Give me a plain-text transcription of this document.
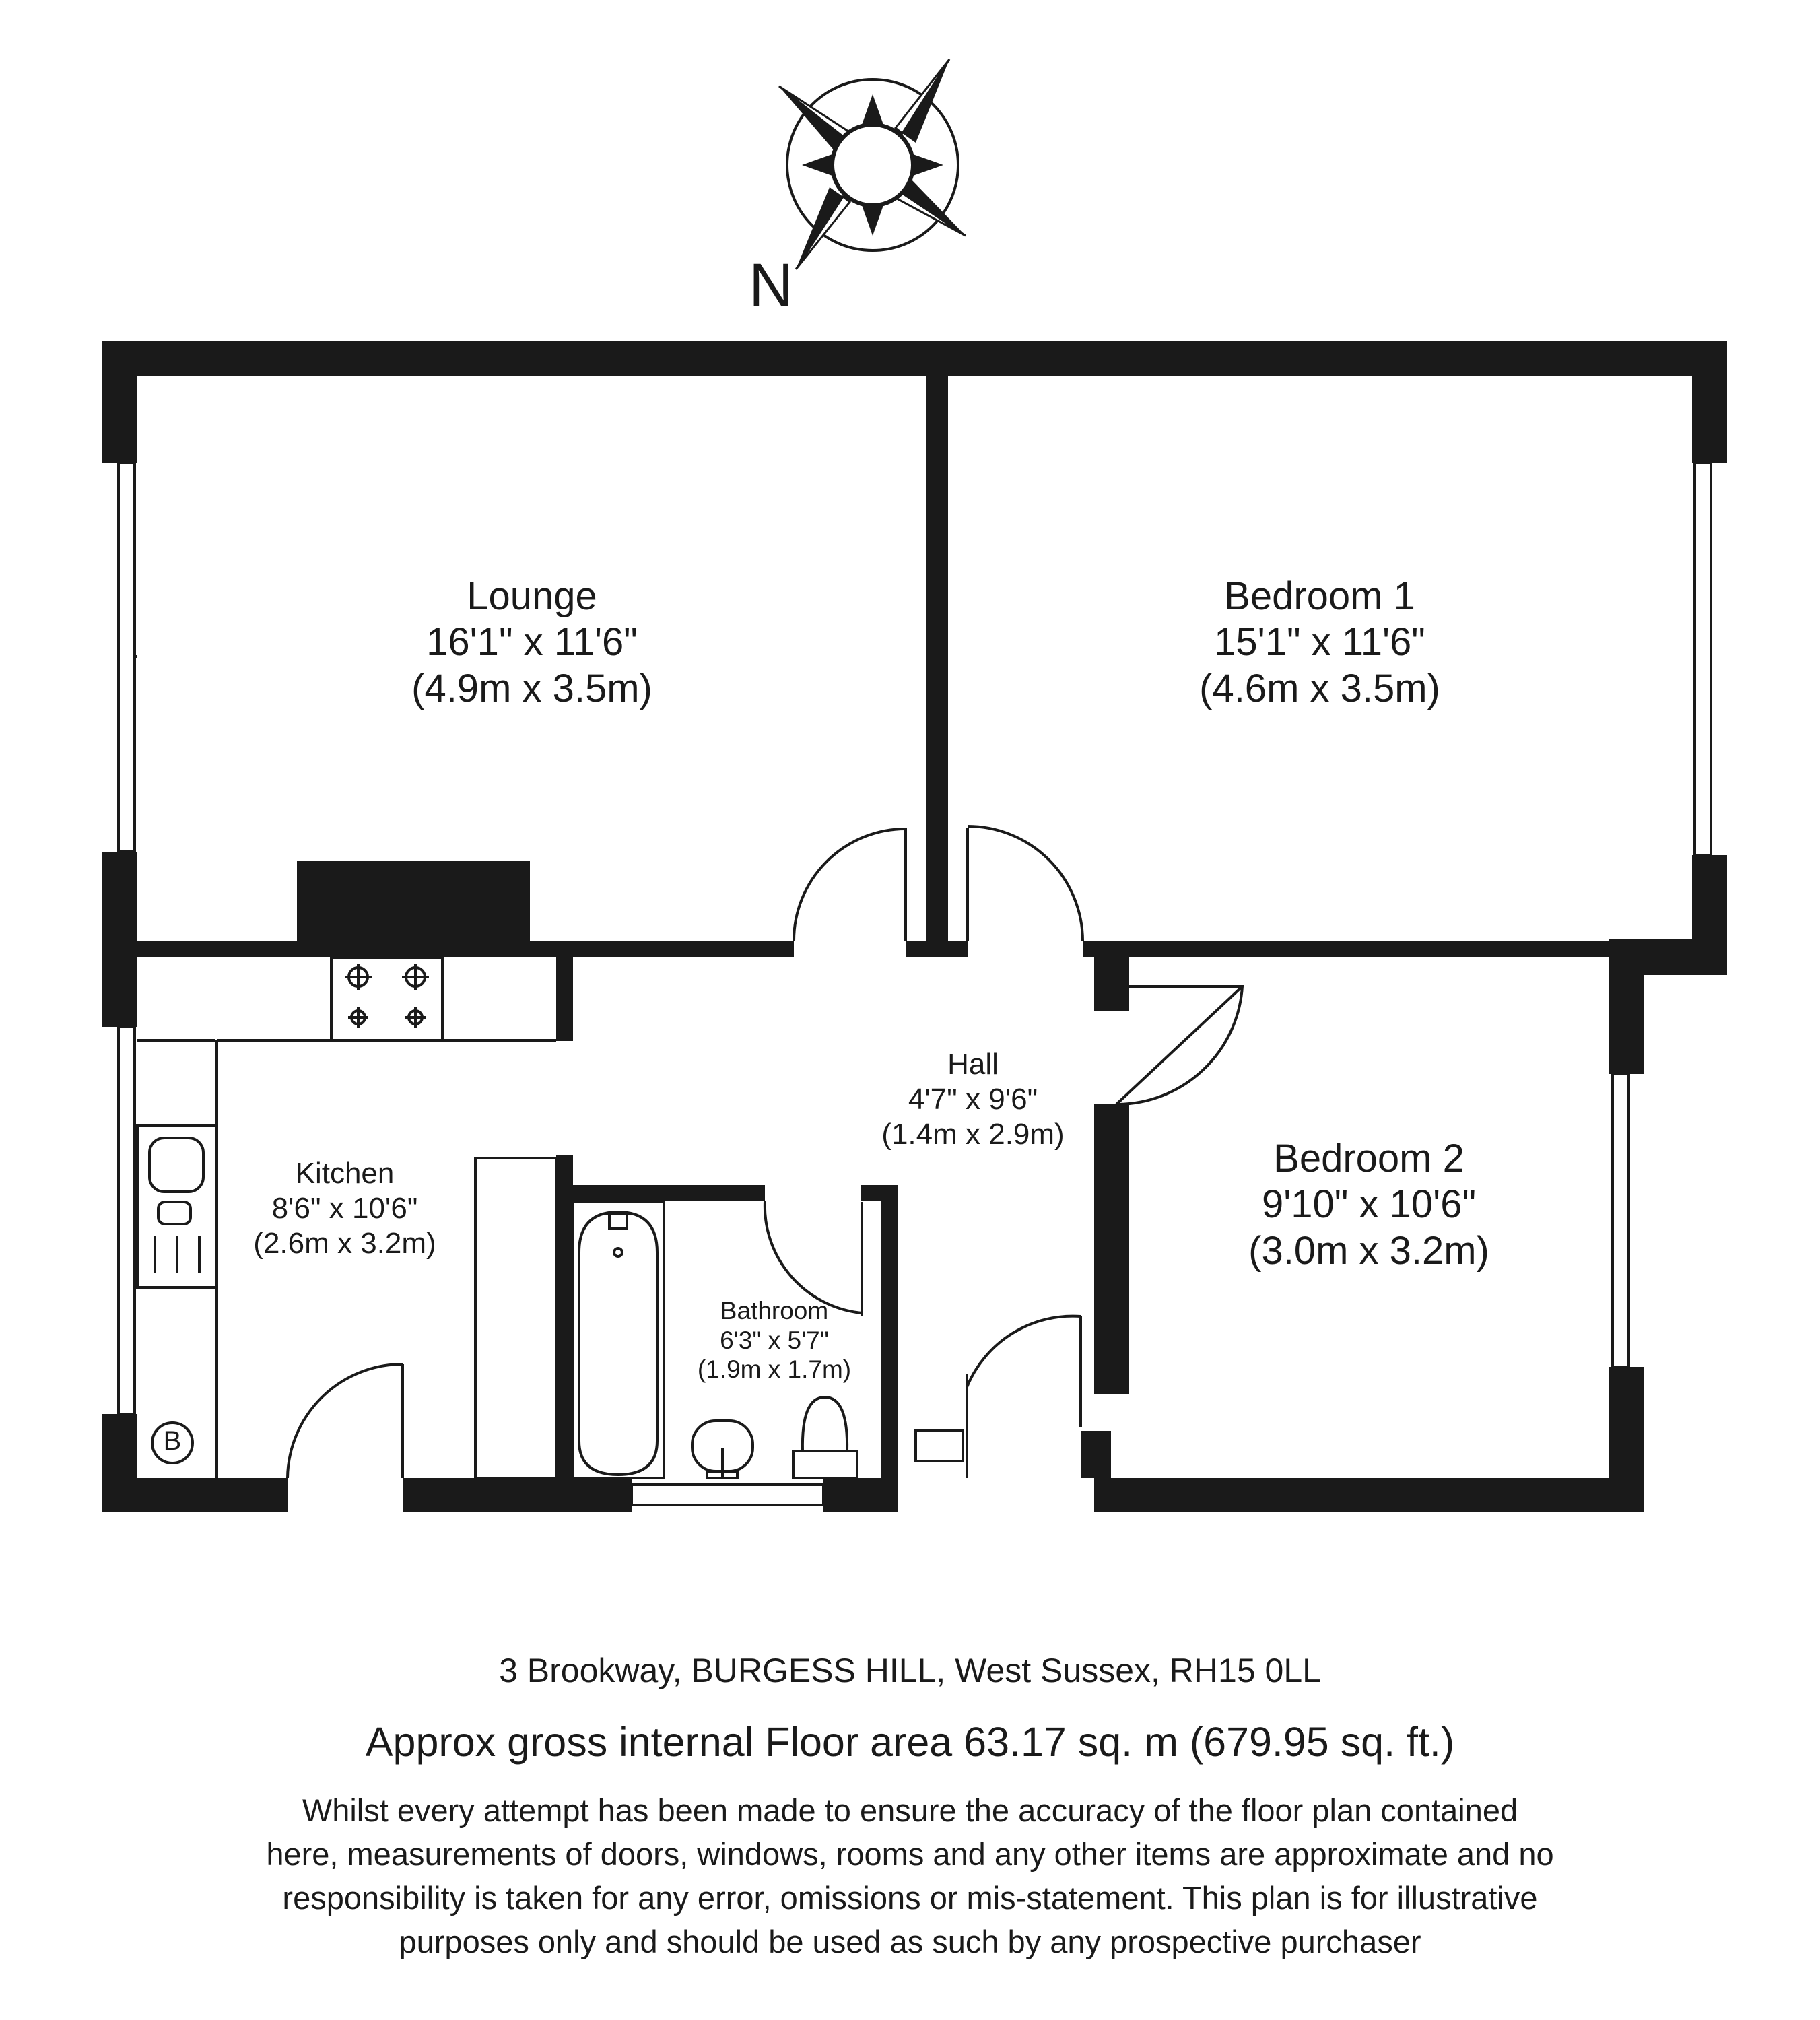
N
Lounge
16'1" x 11'6"
(4.9m x 3.5m)
Bedroom 1
15'1" x 11'6"
(4.6m x 3.5m)
Hall
4'7" x 9'6"
(1.4m x 2.9m)
Kitchen
8'6" x 10'6"
(2.6m x 3.2m)
Bedroom 2
9'10" x 10'6"
(3.0m x 3.2m)
Bathroom
6'3" x 5'7"
(1.9m x 1.7m)
B
3 Brookway, BURGESS HILL, West Sussex, RH15 0LL
Approx gross internal Floor area 63.17 sq. m (679.95 sq. ft.)
Whilst every attempt has been made to ensure the accuracy of the floor plan contained
here, measurements of doors, windows, rooms and any other items are approximate and no
responsibility is taken for any error, omissions or mis-statement. This plan is for illustrative
purposes only and should be used as such by any prospective purchaser
